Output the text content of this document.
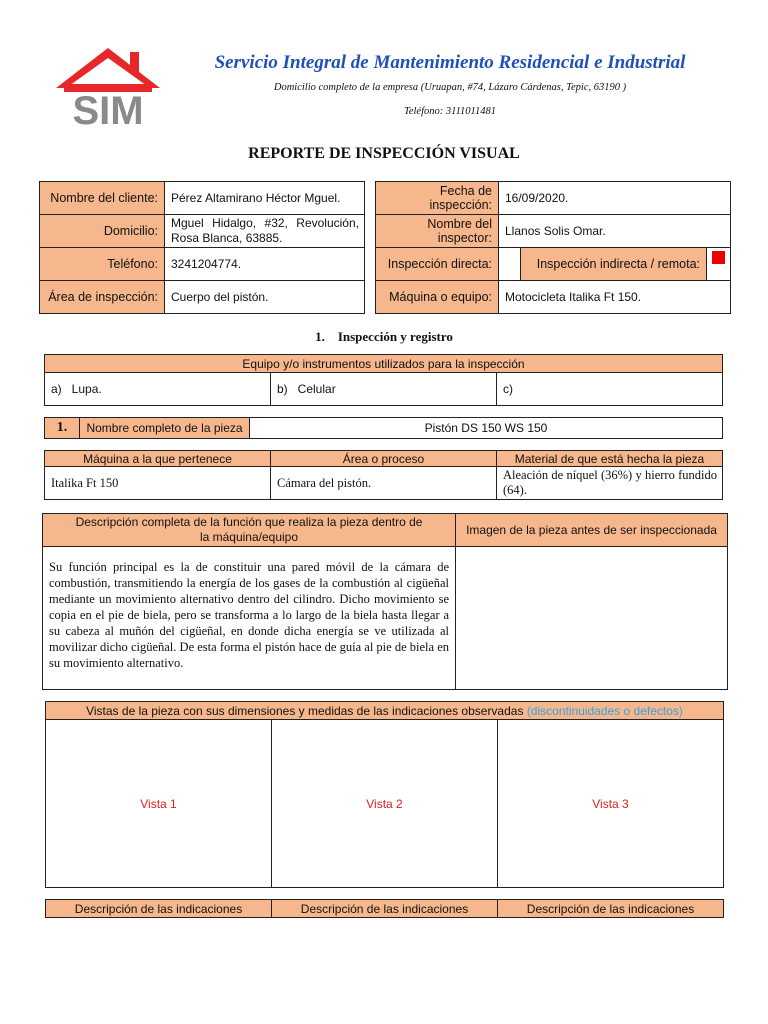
SIM
Servicio Integral de Mantenimiento Residencial e Industrial
Domicilio completo de la empresa (Uruapan, #74, Lázaro Cárdenas, Tepic, 63190 )
Teléfono: 3111011481
REPORTE DE INSPECCIÓN VISUAL
Nombre del cliente:	Pérez Altamirano Héctor Mguel.
Domicilio:	Mguel Hidalgo, #32, Revolución, Rosa Blanca, 63885.
Teléfono:	3241204774.
Área de inspección:	Cuerpo del pistón.
Fecha de inspección:	16/09/2020.		
Nombre del inspector:	Llanos Solis Omar.		
Inspección directa:		Inspección indirecta / remota:	
Máquina o equipo:	Motocicleta Italika Ft 150.		
1.    Inspección y registro
Equipo y/o instrumentos utilizados para la inspección
a)   Lupa.	b)   Celular	c)
1.	Nombre completo de la pieza	Pistón DS 150 WS 150
Máquina a la que pertenece	Área o proceso	Material de que está hecha la pieza
Italika Ft 150	Cámara del pistón.	Aleación de níquel (36%) y hierro fundido (64).
Descripción completa de la función que realiza la pieza dentro de la máquina/equipo	Imagen de la pieza antes de ser inspeccionada
Su función principal es la de constituir una pared móvil de la cámara de combustión, transmitiendo la energía de los gases de la combustión al cigüeñal mediante un movimiento alternativo dentro del cilindro. Dicho movimiento se copia en el pie de biela, pero se transforma a lo largo de la biela hasta llegar a su cabeza al muñón del cigüeñal, en donde dicha energía se ve utilizada al movilizar dicho cigüeñal. De esta forma el pistón hace de guía al pie de biela en su movimiento alternativo.	
Vistas de la pieza con sus dimensiones y medidas de las indicaciones observadas (discontinuidades o defectos)
Vista 1	Vista 2	Vista 3
Descripción de las indicaciones	Descripción de las indicaciones	Descripción de las indicaciones
